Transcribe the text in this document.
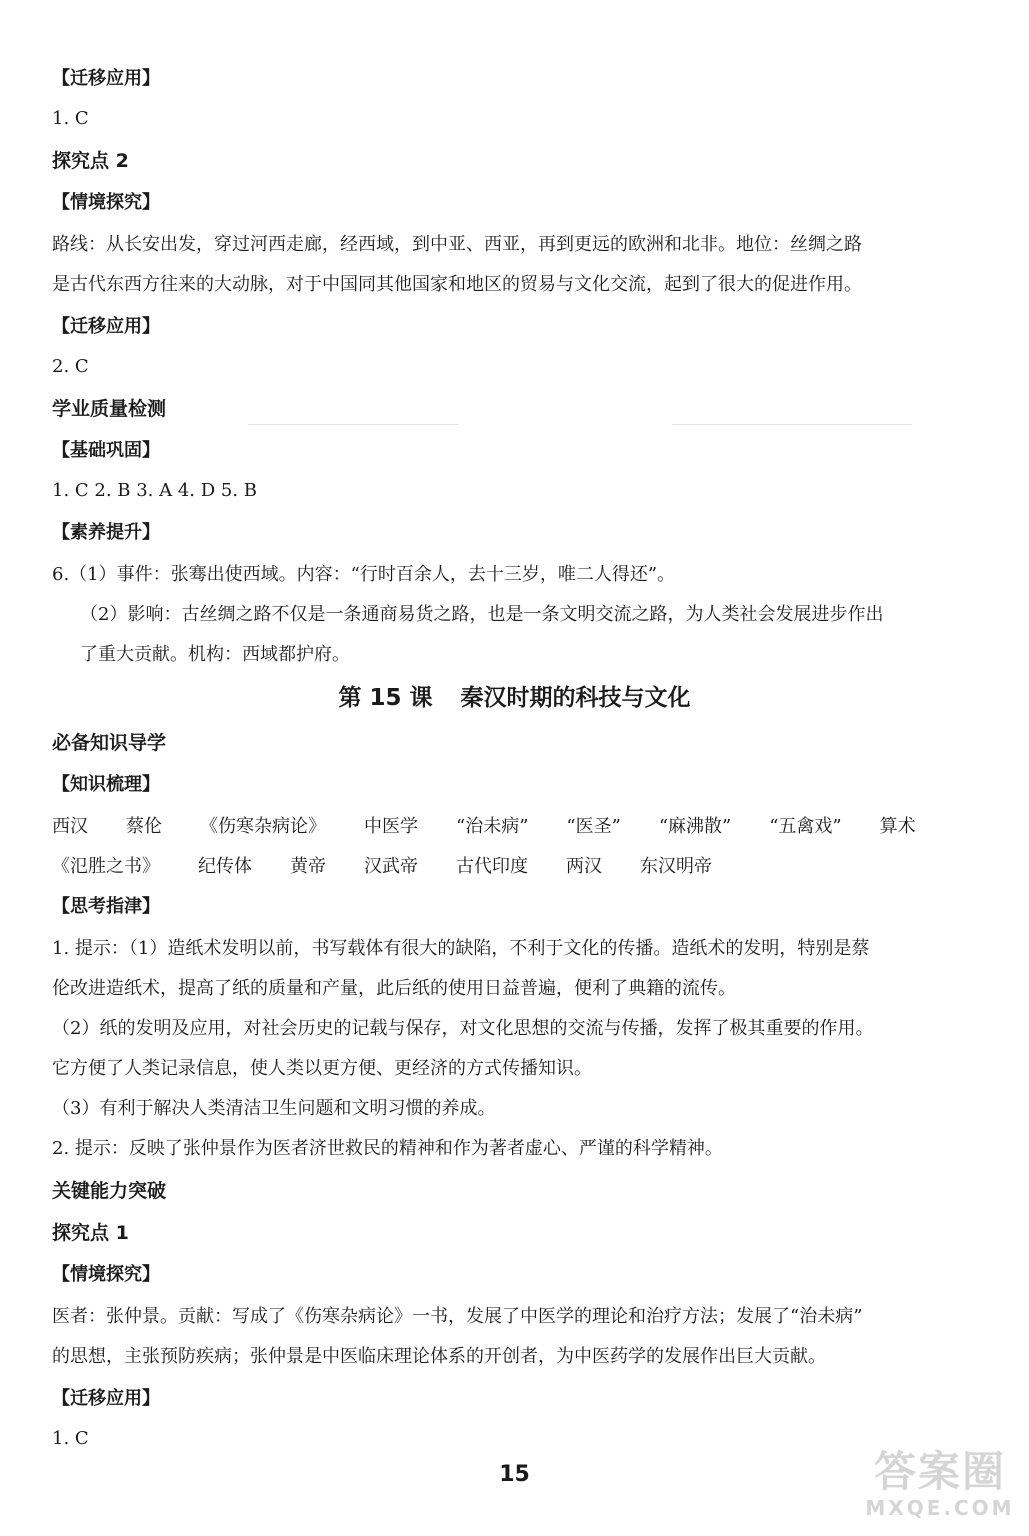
【迁移应用】
1. C
探究点 2
【情境探究】
路线：从长安出发，穿过河西走廊，经西域，到中亚、西亚，再到更远的欧洲和北非。地位：丝绸之路
是古代东西方往来的大动脉，对于中国同其他国家和地区的贸易与文化交流，起到了很大的促进作用。
【迁移应用】
2. C
学业质量检测
【基础巩固】
1. C 2. B 3. A 4. D 5. B
【素养提升】
6.（1）事件：张骞出使西域。内容：“行时百余人，去十三岁，唯二人得还”。
（2）影响：古丝绸之路不仅是一条通商易货之路，也是一条文明交流之路，为人类社会发展进步作出
了重大贡献。机构：西域都护府。
必备知识导学
【知识梳理】
【思考指津】
1. 提示：（1）造纸术发明以前，书写载体有很大的缺陷，不利于文化的传播。造纸术的发明，特别是蔡
伦改进造纸术，提高了纸的质量和产量，此后纸的使用日益普遍，便利了典籍的流传。
（2）纸的发明及应用，对社会历史的记载与保存，对文化思想的交流与传播，发挥了极其重要的作用。
它方便了人类记录信息，使人类以更方便、更经济的方式传播知识。
（3）有利于解决人类清洁卫生问题和文明习惯的养成。
2. 提示：反映了张仲景作为医者济世救民的精神和作为著者虚心、严谨的科学精神。
关键能力突破
探究点 1
【情境探究】
医者：张仲景。贡献：写成了《伤寒杂病论》一书，发展了中医学的理论和治疗方法；发展了“治未病”
的思想，主张预防疾病；张仲景是中医临床理论体系的开创者，为中医药学的发展作出巨大贡献。
【迁移应用】
1. C
第 15 课 秦汉时期的科技与文化
西汉 蔡伦 《伤寒杂病论》 中医学 “治未病” “医圣” “麻沸散” “五禽戏” 算术
《氾胜之书》 纪传体 黄帝 汉武帝 古代印度 两汉 东汉明帝
15	答案圈
MXQE.COM
